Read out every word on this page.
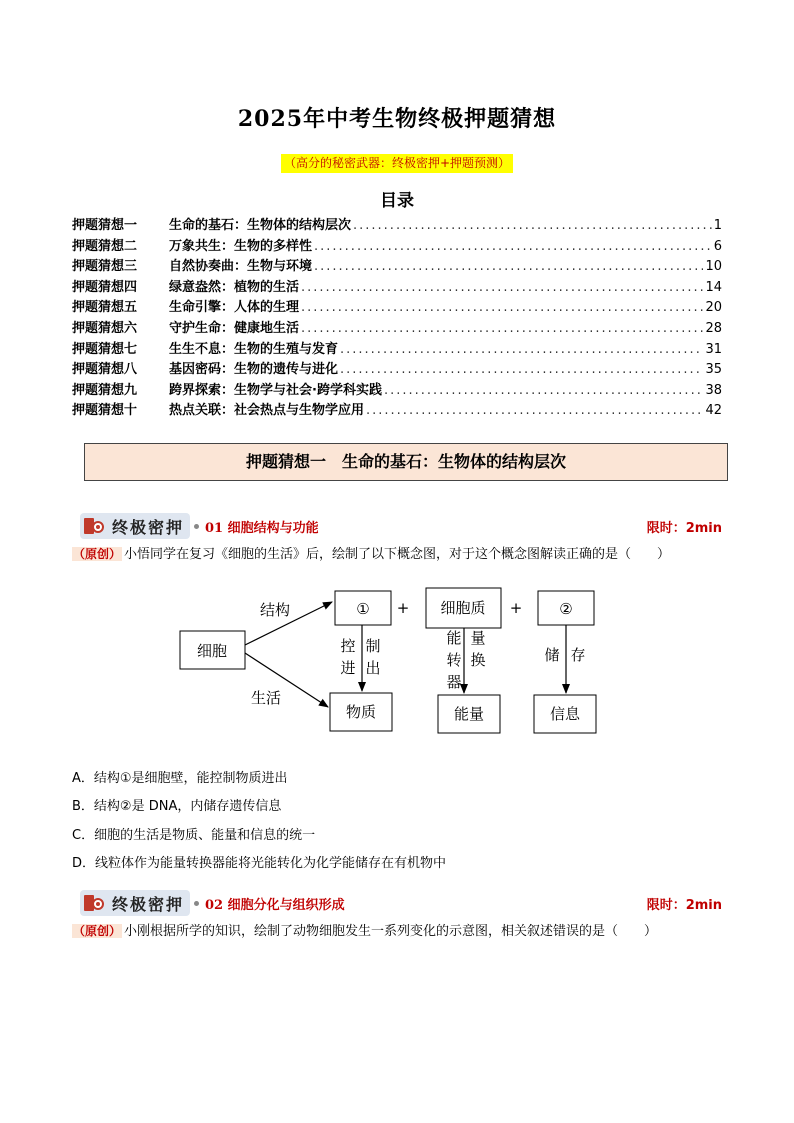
2025年中考生物终极押题猜想
（高分的秘密武器：终极密押+押题预测）
目录
押题猜想一	生命的基石：生物体的结构层次 .....	1
押题猜想二	万象共生：生物的多样性 .....	6
押题猜想三	自然协奏曲：生物与环境 .....	10
押题猜想四	绿意盎然：植物的生活 .....	14
押题猜想五	生命引擎：人体的生理 .....	20
押题猜想六	守护生命：健康地生活 .....	28
押题猜想七	生生不息：生物的生殖与发育 .....	31
押题猜想八	基因密码：生物的遗传与进化 .....	35
押题猜想九	跨界探索：生物学与社会·跨学科实践 .....	38
押题猜想十	热点关联：社会热点与生物学应用 .....	42
押题猜想一　生命的基石：生物体的结构层次
终极密押 01 细胞结构与功能	限时：2min
（原创） 小悟同学在复习《细胞的生活》后，绘制了以下概念图，对于这个概念图解读正确的是（　　）
细胞
结构
生活
① + 细胞质 + ②
控 制
进 出
能 量
转 换
器
储 存
物质	能量	信息
A．结构①是细胞壁，能控制物质进出
B．结构②是 DNA，内储存遗传信息
C．细胞的生活是物质、能量和信息的统一
D．线粒体作为能量转换器能将光能转化为化学能储存在有机物中
终极密押 02 细胞分化与组织形成	限时：2min
（原创） 小刚根据所学的知识，绘制了动物细胞发生一系列变化的示意图，相关叙述错误的是（　　）
